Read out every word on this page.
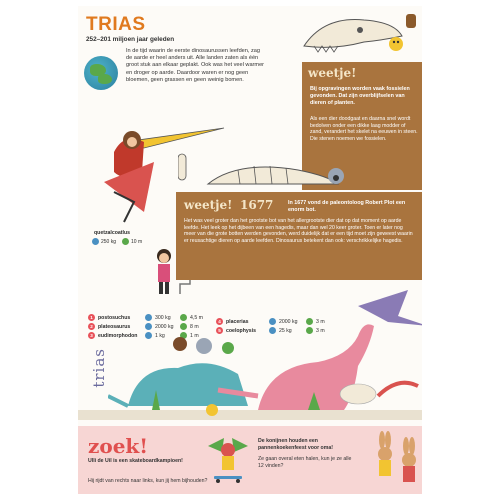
TRIAS
252–201 miljoen jaar geleden
In de tijd waarin de eerste dinosaurussen leefden, zag de aarde er heel anders uit. Alle landen zaten als één groot stuk aan elkaar geplakt. Ook was het veel warmer en droger op aarde. Daardoor waren er nog geen bloemen, geen grassen en geen weinig bomen.	weetje!
Bij opgravingen worden vaak fossielen gevonden. Dat zijn overblijfselen van dieren of planten.
Als een dier doodgaat en daarna snel wordt bedolven onder een dikke laag modder of zand, verandert het skelet na eeuwen in steen. Die stenen noemen we fossielen.
quetzalcoatlus
250 kg	10 m
weetje! 1677	In 1677 vond de paleontoloog Robert Plot een enorm bot.
Het was veel groter dan het grootste bot van het allergrootste dier dat op dat moment op aarde leefde. Het leek op het dijbeen van een hagedis, maar dan wel 20 keer groter. Toen er later nog meer van die grote botten werden gevonden, werd duidelijk dat er een tijd moet zijn geweest waarin er reusachtige dieren op aarde leefden. Dinosaurus betekent dan ook: verschrikkelijke hagedis.
1	postosuchus	300 kg	4,5 m
2	plateosaurus	2000 kg	8 m
3	eudimorphodon	1 kg	1 m
4	placerias	2000 kg	3 m
5	coelophysis	25 kg	3 m
trias
zoek!
Ulli de Uil is een skateboardkampioen!
Hij rijdt van rechts naar links, kun jij hem bijhouden?
De konijnen houden een pannenkoekenfeest voor oma!
Ze gaan overal eten halen, kun je ze alle 12 vinden?
